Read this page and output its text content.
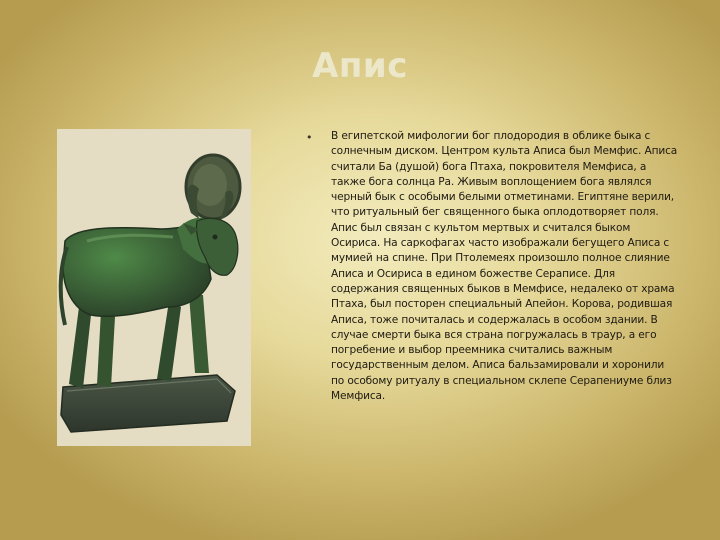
Апис
• В египетской мифологии бог плодородия в облике быка с солнечным диском. Центром культа Аписа был Мемфис. Аписа считали Ба (душой) бога Птаха, покровителя Мемфиса, а также бога солнца Ра. Живым воплощением бога являлся черный бык с особыми белыми отметинами. Египтяне верили, что ритуальный бег священного быка оплодотворяет поля. Апис был связан с культом мертвых и считался быком Осириса. На саркофагах часто изображали бегущего Аписа с мумией на спине. При Птолемеях произошло полное слияние Аписа и Осириса в едином божестве Сераписе. Для содержания священных быков в Мемфисе, недалеко от храма Птаха, был посторен специальный Апейон. Корова, родившая Аписа, тоже почиталась и содержалась в особом здании. В случае смерти быка вся страна погружалась в траур, а его погребение и выбор преемника считались важным государственным делом. Аписа бальзамировали и хоронили по особому ритуалу в специальном склепе Серапениуме близ Мемфиса.
